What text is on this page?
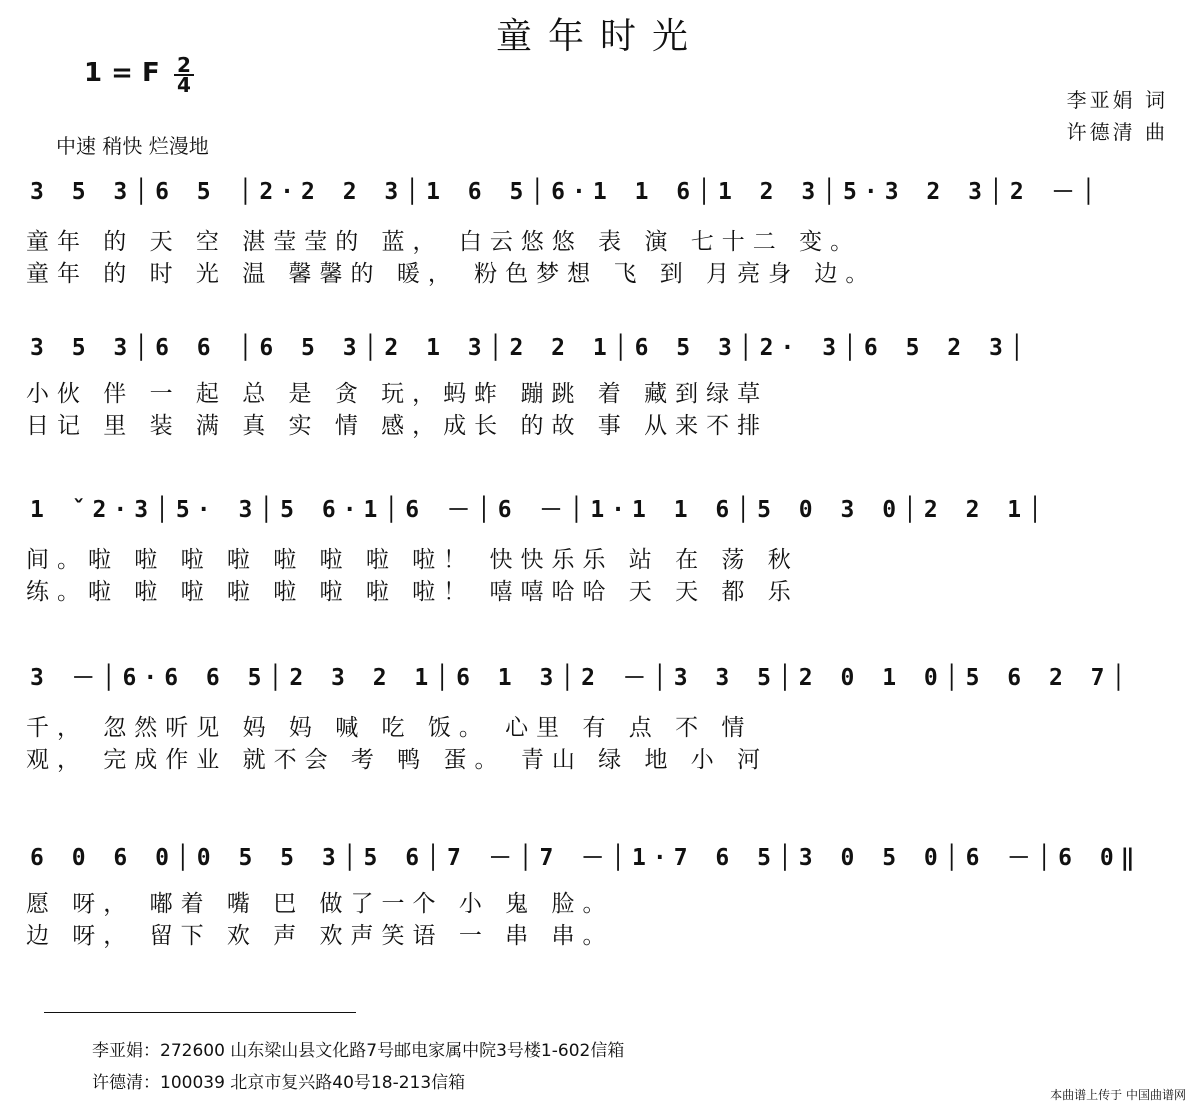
童年时光
1 = F 2
4
中速 稍快 烂漫地
李亚娟 词
许德清 曲
3 5 3│6 5 │2·2 2 3│1 6 5│6·1 1 6│1 2 3│5·3 2 3│2 －│
童年 的 天 空 湛莹莹的 蓝， 白云悠悠 表 演 七十二 变。
童年 的 时 光 温 馨馨的 暖， 粉色梦想 飞 到 月亮身 边。
3 5 3│6 6 │6 5 3│2 1 3│2 2 1│6 5 3│2· 3│6 5 2 3│
小伙 伴 一 起 总 是 贪 玩，蚂蚱 蹦跳 着 藏到绿草
日记 里 装 满 真 实 情 感，成长 的故 事 从来不排
1 ˇ2·3│5· 3│5 6·1│6 －│6 －│1·1 1 6│5 0 3 0│2 2 1│
间。啦 啦 啦 啦 啦 啦 啦 啦！ 快快乐乐 站 在 荡 秋
练。啦 啦 啦 啦 啦 啦 啦 啦！ 嘻嘻哈哈 天 天 都 乐
3 －│6·6 6 5│2 3 2 1│6 1 3│2 －│3 3 5│2 0 1 0│5 6 2 7│
千， 忽然听见 妈 妈 喊 吃 饭。 心里 有 点 不 情
观， 完成作业 就不会 考 鸭 蛋。 青山 绿 地 小 河
6 0 6 0│0 5 5 3│5 6│7 －│7 －│1·7 6 5│3 0 5 0│6 －│6 0‖
愿 呀， 嘟着 嘴 巴 做了一个 小 鬼 脸。
边 呀， 留下 欢 声 欢声笑语 一 串 串。
李亚娟：272600 山东梁山县文化路7号邮电家属中院3号楼1-602信箱
许德清：100039 北京市复兴路40号18-213信箱
本曲谱上传于 中国曲谱网
